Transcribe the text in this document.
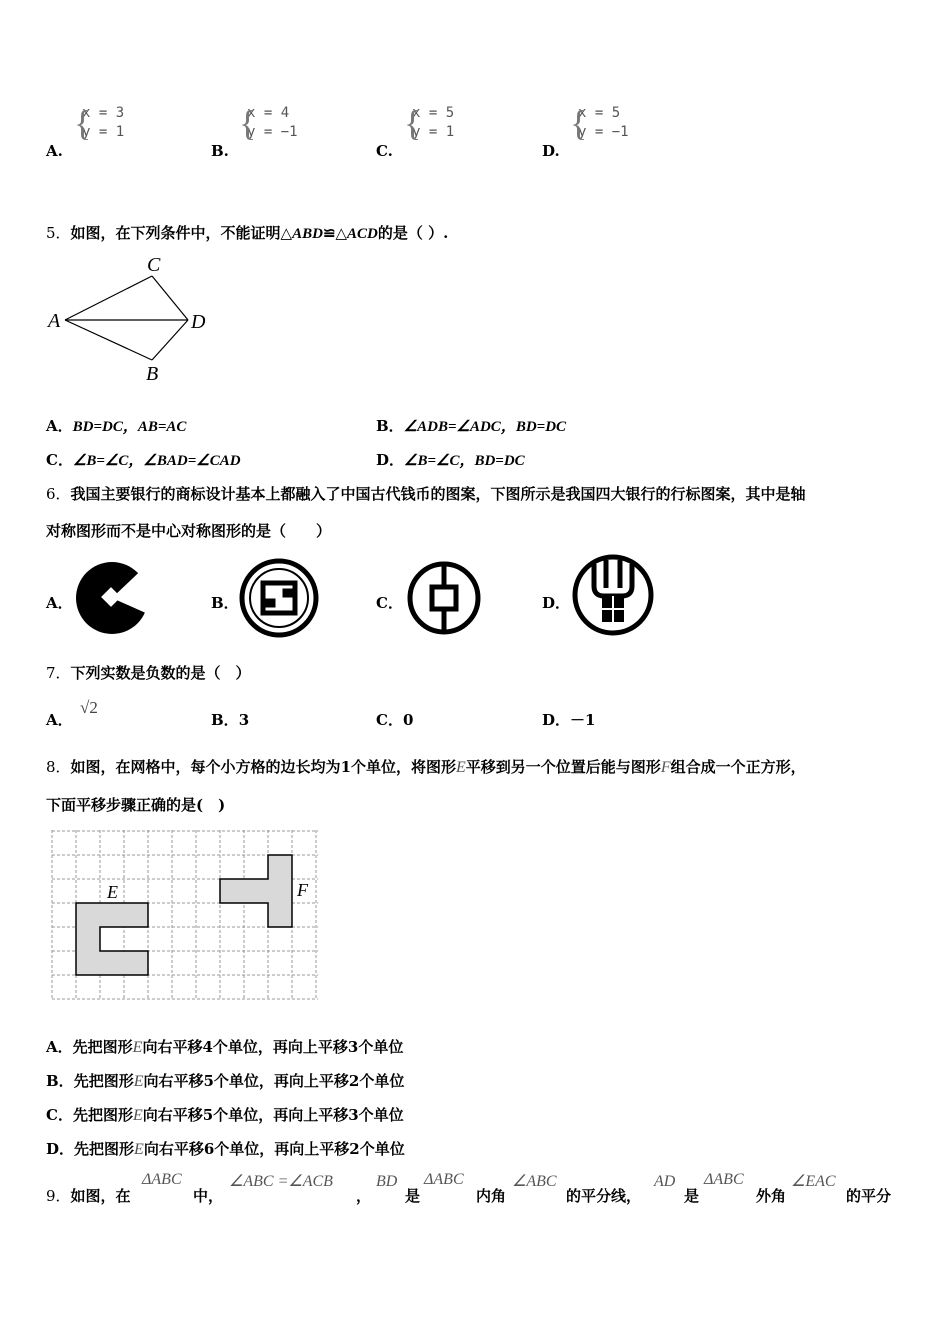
A.
{
x = 3
y = 1
B.
{
x = 4
y = −1
C.
{
x = 5
y = 1
D.
{
x = 5
y = −1
5．如图，在下列条件中，不能证明△ABD≌△ACD的是（ ）.
A
C
D
B
A．BD=DC，AB=AC	B．∠ADB=∠ADC，BD=DC
C．∠B=∠C，∠BAD=∠CAD	D．∠B=∠C，BD=DC
6．我国主要银行的商标设计基本上都融入了中国古代钱币的图案，下图所示是我国四大银行的行标图案，其中是轴
对称图形而不是中心对称图形的是（　　）
A．	B．	C．	D．
7．下列实数是负数的是（　）
A．
√2
B．3	C．0	D．－1
8．如图，在网格中，每个小方格的边长均为1个单位，将图形E平移到另一个位置后能与图形F组合成一个正方形，
下面平移步骤正确的是(　)
E	F
A．先把图形E向右平移4个单位，再向上平移3个单位
B．先把图形E向右平移5个单位，再向上平移2个单位
C．先把图形E向右平移5个单位，再向上平移3个单位
D．先把图形E向右平移6个单位，再向上平移2个单位
9．如图，在
ΔABC
中，
∠ABC =∠ACB
，
BD
是
ΔABC
内角
∠ABC
的平分线，
AD
是
ΔABC
外角
∠EAC
的平分
